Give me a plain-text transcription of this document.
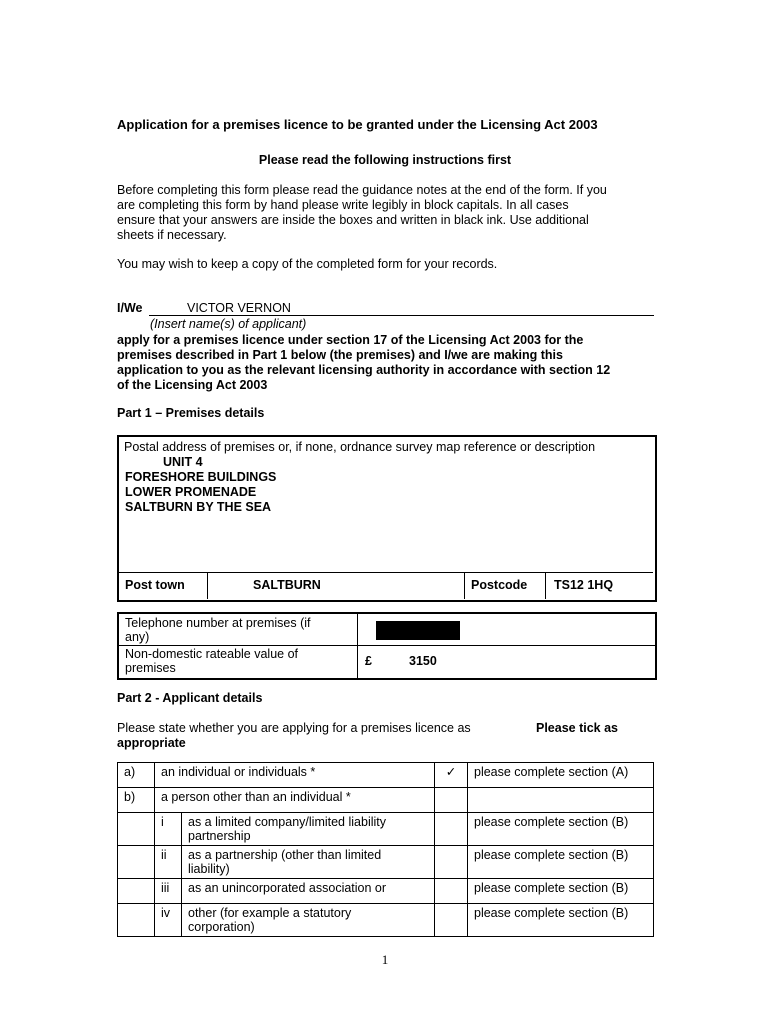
Application for a premises licence to be granted under the Licensing Act 2003
Please read the following instructions first
Before completing this form please read the guidance notes at the end of the form. If you
are completing this form by hand please write legibly in block capitals. In all cases
ensure that your answers are inside the boxes and written in black ink. Use additional
sheets if necessary.
You may wish to keep a copy of the completed form for your records.
I/We	VICTOR VERNON
(Insert name(s) of applicant)
apply for a premises licence under section 17 of the Licensing Act 2003 for the
premises described in Part 1 below (the premises) and I/we are making this
application to you as the relevant licensing authority in accordance with section 12
of the Licensing Act 2003
Part 1 – Premises details
Postal address of premises or, if none, ordnance survey map reference or description
UNIT 4
FORESHORE BUILDINGS
LOWER PROMENADE
SALTBURN BY THE SEA
Post town	SALTBURN	Postcode TS12 1HQ
Telephone number at premises (if
any)
Non-domestic rateable value of
premises	£	3150
Part 2 - Applicant details
Please state whether you are applying for a premises licence as	Please tick as
appropriate
a)	an individual or individuals *		✓	please complete section (A)
b)	a person other than an individual *			
	i	as a limited company/limited liability
partnership		please complete section (B)
	ii	as a partnership (other than limited
liability)		please complete section (B)
	iii	as an unincorporated association or		please complete section (B)
	iv	other (for example a statutory
corporation)		please complete section (B)
1
